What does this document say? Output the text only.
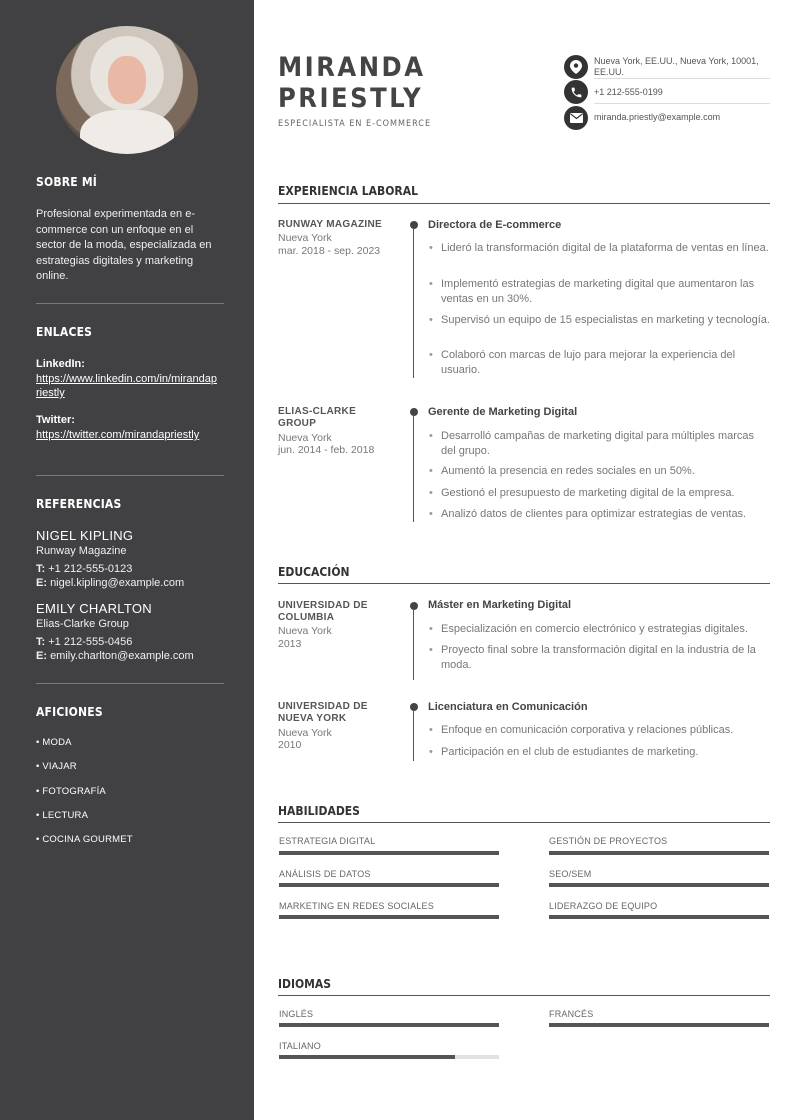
SOBRE MÍ
Profesional experimentada en e-commerce con un enfoque en el sector de la moda, especializada en estrategias digitales y marketing online.
ENLACES
LinkedIn:
https://www.linkedin.com/in/mirandapriestly
Twitter:
https://twitter.com/mirandapriestly
REFERENCIAS
NIGEL KIPLING
Runway Magazine
T: +1 212-555-0123
E: nigel.kipling@example.com
EMILY CHARLTON
Elias-Clarke Group
T: +1 212-555-0456
E: emily.charlton@example.com
AFICIONES
• MODA
• VIAJAR
• FOTOGRAFÍA
• LECTURA
• COCINA GOURMET
MIRANDA
PRIESTLY
ESPECIALISTA EN E-COMMERCE
Nueva York, EE.UU., Nueva York, 10001, EE.UU.
+1 212-555-0199
miranda.priestly@example.com
EXPERIENCIA LABORAL
RUNWAY MAGAZINE
Nueva York
mar. 2018 - sep. 2023
Directora de E-commerce
• Lideró la transformación digital de la plataforma de ventas en línea.
• Implementó estrategias de marketing digital que aumentaron las ventas en un 30%.
• Supervisó un equipo de 15 especialistas en marketing y tecnología.
• Colaboró con marcas de lujo para mejorar la experiencia del usuario.
ELIAS-CLARKE GROUP
Nueva York
jun. 2014 - feb. 2018
Gerente de Marketing Digital
• Desarrolló campañas de marketing digital para múltiples marcas del grupo.
• Aumentó la presencia en redes sociales en un 50%.
• Gestionó el presupuesto de marketing digital de la empresa.
• Analizó datos de clientes para optimizar estrategias de ventas.
EDUCACIÓN
UNIVERSIDAD DE COLUMBIA
Nueva York
2013
Máster en Marketing Digital
• Especialización en comercio electrónico y estrategias digitales.
• Proyecto final sobre la transformación digital en la industria de la moda.
UNIVERSIDAD DE NUEVA YORK
Nueva York
2010
Licenciatura en Comunicación
• Enfoque en comunicación corporativa y relaciones públicas.
• Participación en el club de estudiantes de marketing.
HABILIDADES
ESTRATEGIA DIGITAL	GESTIÓN DE PROYECTOS
ANÁLISIS DE DATOS	SEO/SEM
MARKETING EN REDES SOCIALES	LIDERAZGO DE EQUIPO
IDIOMAS
INGLÉS	FRANCÉS
ITALIANO
